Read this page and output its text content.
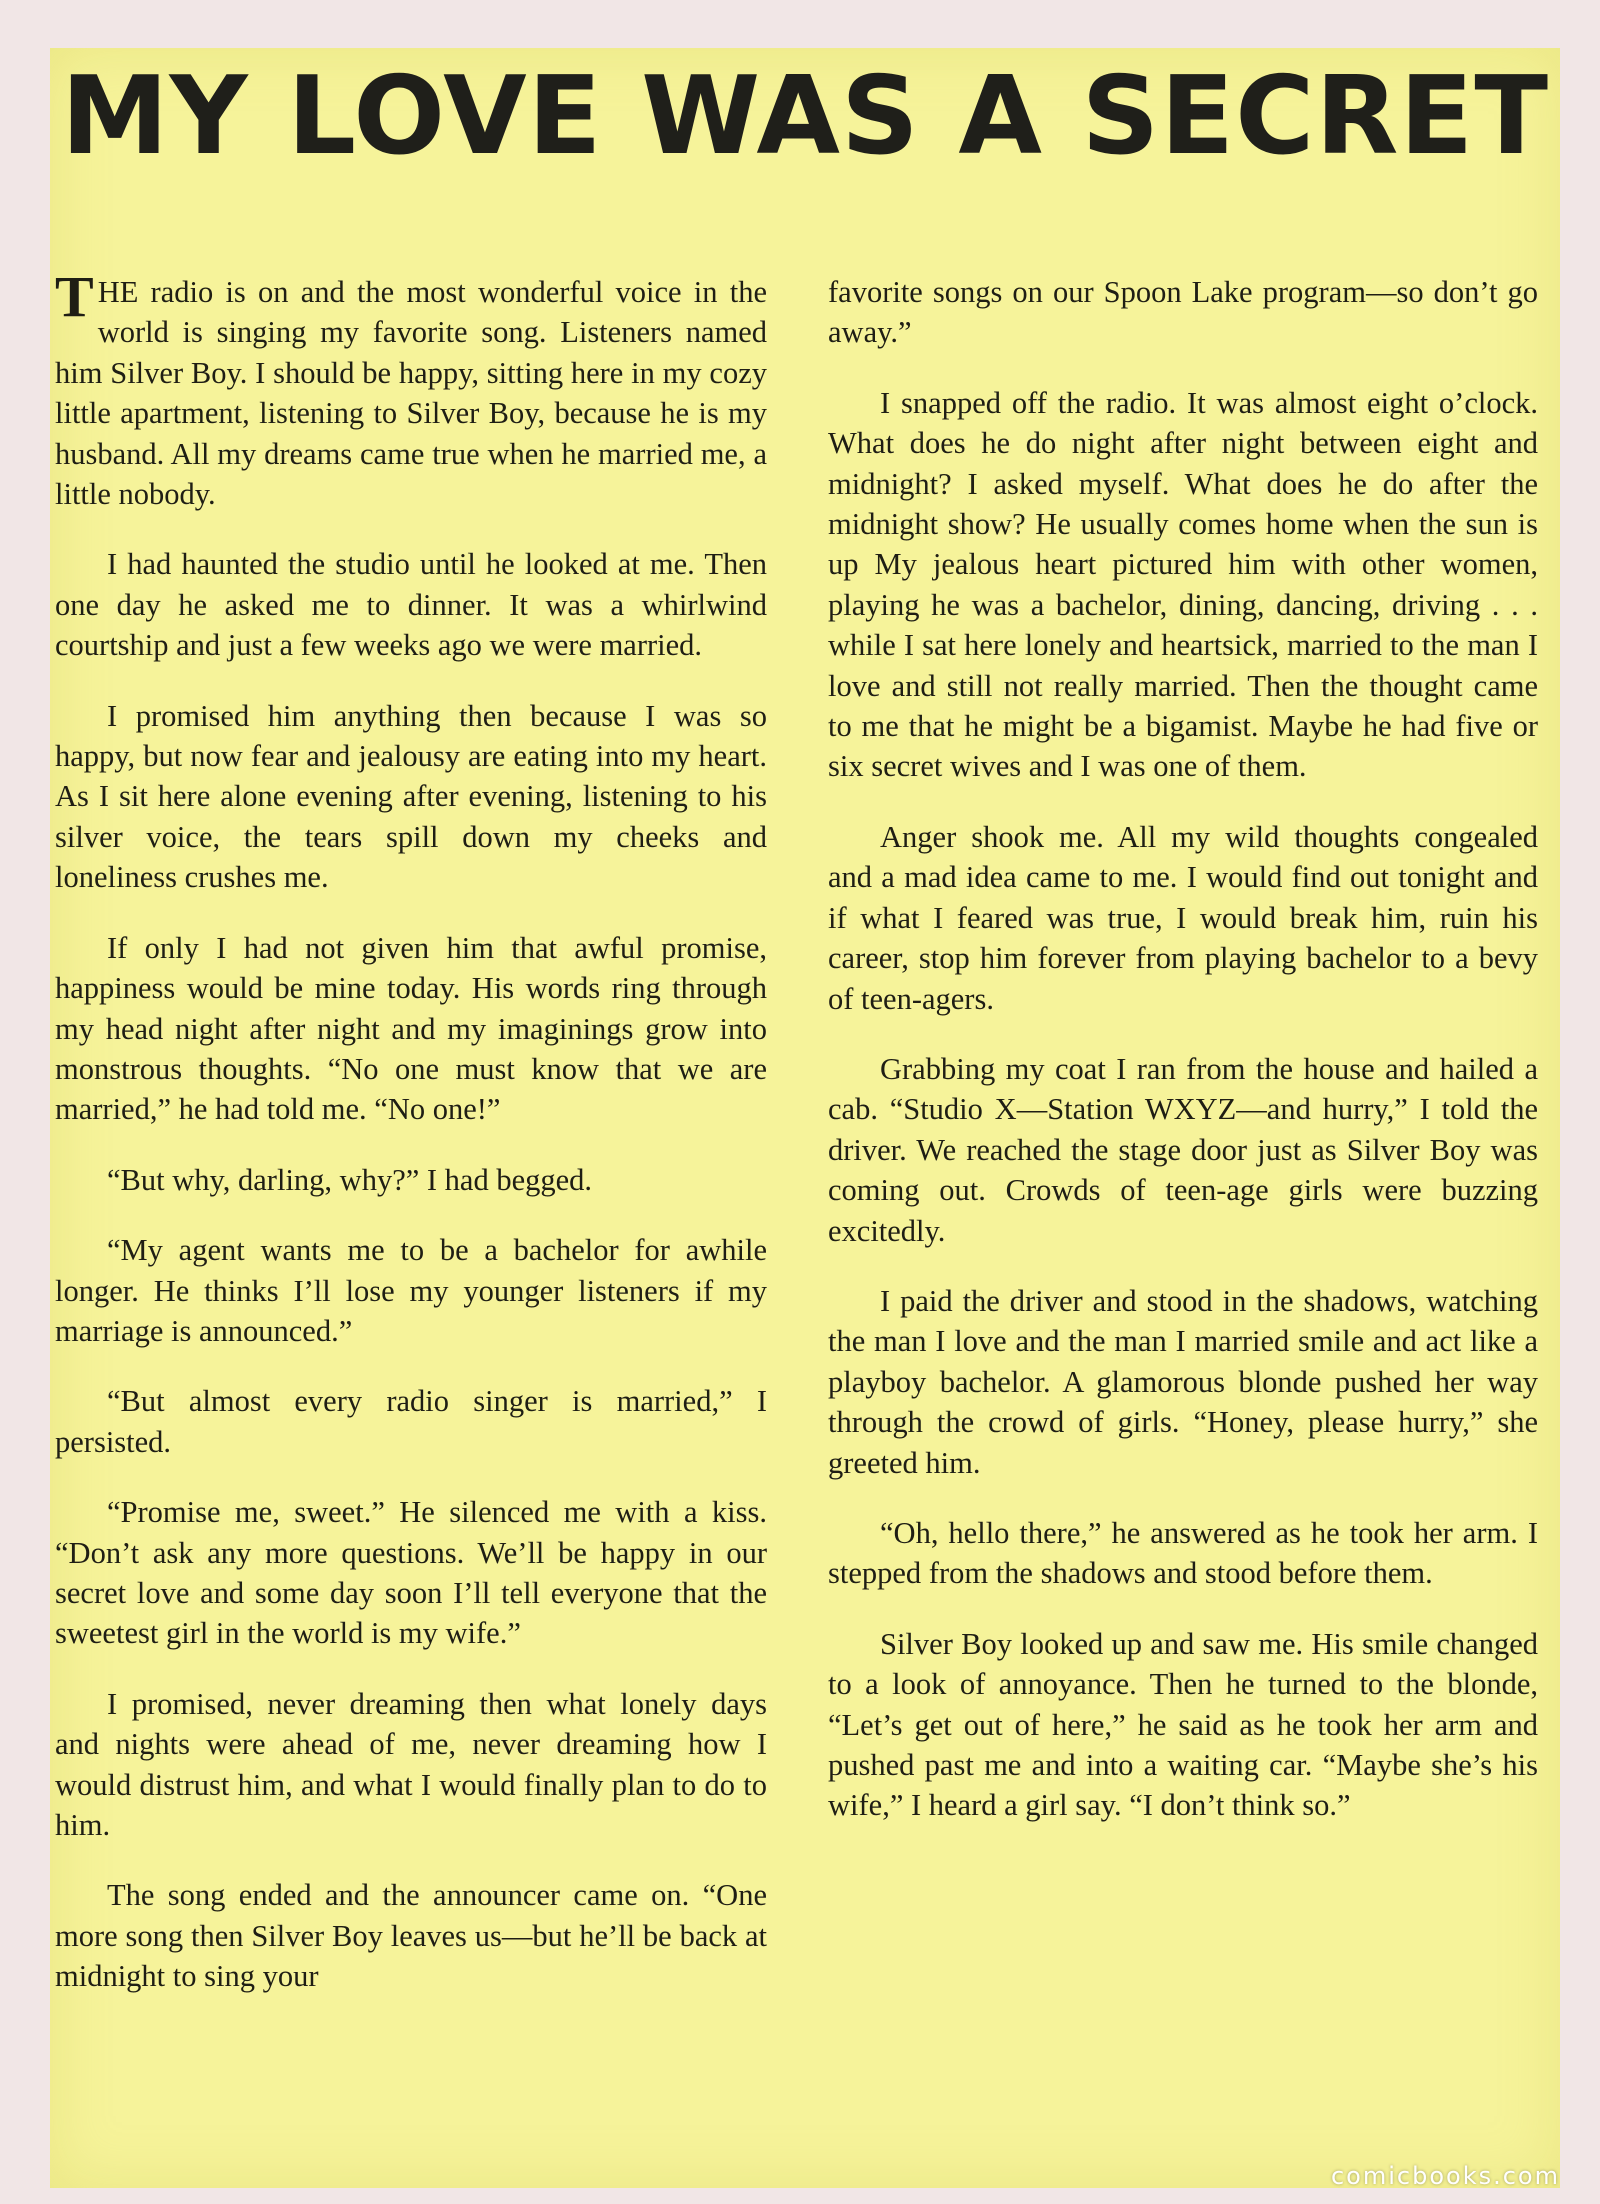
MY LOVE WAS A SECRET

THE radio is on and the most wonderful voice in the world is singing my favorite song. Listeners named him Silver Boy. I should be happy, sitting here in my cozy little apartment, listening to Silver Boy, because he is my husband. All my dreams came true when he married me, a little nobody.

I had haunted the studio until he looked at me. Then one day he asked me to dinner. It was a whirlwind courtship and just a few weeks ago we were married.

I promised him anything then because I was so happy, but now fear and jealousy are eating into my heart. As I sit here alone evening after evening, listening to his silver voice, the tears spill down my cheeks and loneliness crushes me.

If only I had not given him that awful promise, happiness would be mine today. His words ring through my head night after night and my imaginings grow into monstrous thoughts. “No one must know that we are married,” he had told me. “No one!”

“But why, darling, why?” I had begged.

“My agent wants me to be a bachelor for awhile longer. He thinks I’ll lose my younger listeners if my marriage is announced.”

“But almost every radio singer is married,” I persisted.

“Promise me, sweet.” He silenced me with a kiss. “Don’t ask any more questions. We’ll be happy in our secret love and some day soon I’ll tell everyone that the sweetest girl in the world is my wife.”

I promised, never dreaming then what lonely days and nights were ahead of me, never dreaming how I would distrust him, and what I would finally plan to do to him.

The song ended and the announcer came on. “One more song then Silver Boy leaves us—but he’ll be back at midnight to sing your

favorite songs on our Spoon Lake program—so don’t go away.”

I snapped off the radio. It was almost eight o’clock. What does he do night after night between eight and midnight? I asked myself. What does he do after the midnight show? He usually comes home when the sun is up My jealous heart pictured him with other women, playing he was a bachelor, dining, dancing, driving . . . while I sat here lonely and heartsick, married to the man I love and still not really married. Then the thought came to me that he might be a bigamist. Maybe he had five or six secret wives and I was one of them.

Anger shook me. All my wild thoughts congealed and a mad idea came to me. I would find out tonight and if what I feared was true, I would break him, ruin his career, stop him forever from playing bachelor to a bevy of teen-agers.

Grabbing my coat I ran from the house and hailed a cab. “Studio X—Station WXYZ—and hurry,” I told the driver. We reached the stage door just as Silver Boy was coming out. Crowds of teen-age girls were buzzing excitedly.

I paid the driver and stood in the shadows, watching the man I love and the man I married smile and act like a playboy bachelor. A glamorous blonde pushed her way through the crowd of girls. “Honey, please hurry,” she greeted him.

“Oh, hello there,” he answered as he took her arm. I stepped from the shadows and stood before them.

Silver Boy looked up and saw me. His smile changed to a look of annoyance. Then he turned to the blonde, “Let’s get out of here,” he said as he took her arm and pushed past me and into a waiting car. “Maybe she’s his wife,” I heard a girl say. “I don’t think so.”

comicbooks.com
